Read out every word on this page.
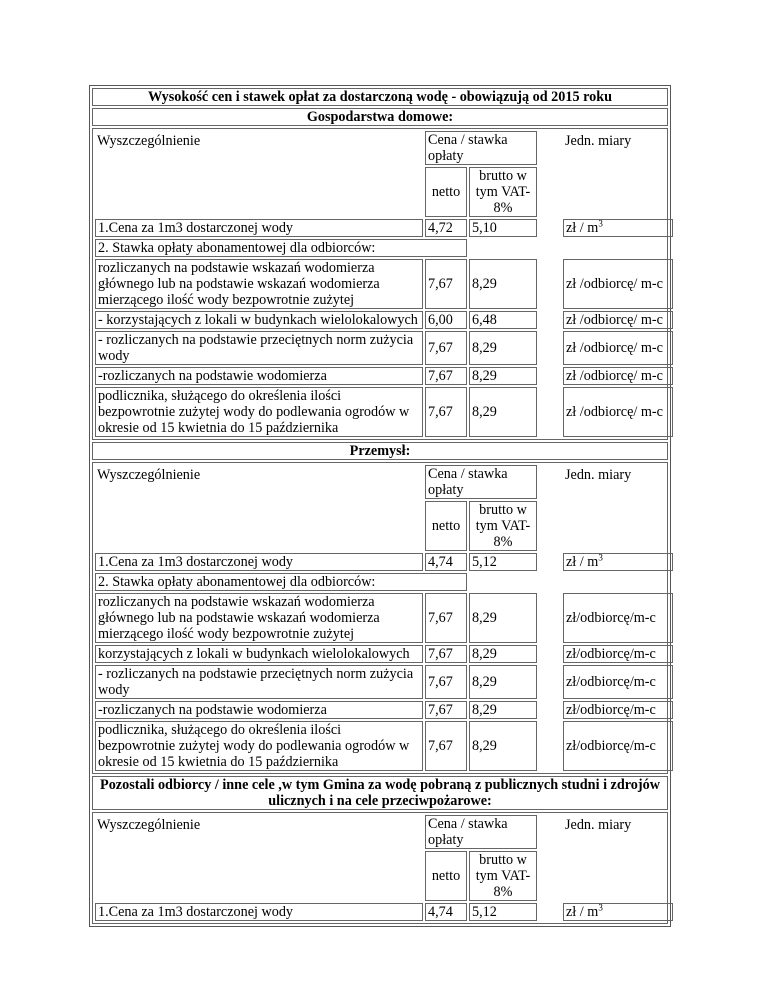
Wysokość cen i stawek opłat za dostarczoną wodę - obowiązują od 2015 roku
Gospodarstwa domowe:

Wyszczególnienie	Cena / stawka opłaty		Jedn. miary
netto	brutto w tym VAT-8%	
1.Cena za 1m3 dostarczonej wody	4,72	5,10		zł / $m^3$
2. Stawka opłaty abonamentowej dla odbiorców:	
rozliczanych na podstawie wskazań wodomierza głównego lub na podstawie wskazań wodomierza mierzącego ilość wody bezpowrotnie zużytej	7,67	8,29		zł /odbiorcę/ m-c
- korzystających z lokali w budynkach wielolokalowych	6,00	6,48		zł /odbiorcę/ m-c
- rozliczanych na podstawie przeciętnych norm zużycia wody	7,67	8,29		zł /odbiorcę/ m-c
-rozliczanych na podstawie wodomierza	7,67	8,29		zł /odbiorcę/ m-c
podlicznika, służącego do określenia ilości bezpowrotnie zużytej wody do podlewania ogrodów w okresie od 15 kwietnia do 15 października	7,67	8,29		zł /odbiorcę/ m-c

Przemysł:

Wyszczególnienie	Cena / stawka opłaty		Jedn. miary
netto	brutto w tym VAT-8%	
1.Cena za 1m3 dostarczonej wody	4,74	5,12		zł / $m^3$
2. Stawka opłaty abonamentowej dla odbiorców:	
rozliczanych na podstawie wskazań wodomierza głównego lub na podstawie wskazań wodomierza mierzącego ilość wody bezpowrotnie zużytej	7,67	8,29		zł/odbiorcę/m-c
korzystających z lokali w budynkach wielolokalowych	7,67	8,29		zł/odbiorcę/m-c
- rozliczanych na podstawie przeciętnych norm zużycia wody	7,67	8,29		zł/odbiorcę/m-c
-rozliczanych na podstawie wodomierza	7,67	8,29		zł/odbiorcę/m-c
podlicznika, służącego do określenia ilości bezpowrotnie zużytej wody do podlewania ogrodów w okresie od 15 kwietnia do 15 października	7,67	8,29		zł/odbiorcę/m-c

Pozostali odbiorcy / inne cele ,w tym Gmina za wodę pobraną z publicznych studni i zdrojów ulicznych i na cele przeciwpożarowe:

Wyszczególnienie	Cena / stawka opłaty		Jedn. miary
netto	brutto w tym VAT-8%	
1.Cena za 1m3 dostarczonej wody	4,74	5,12		zł / $m^3$
